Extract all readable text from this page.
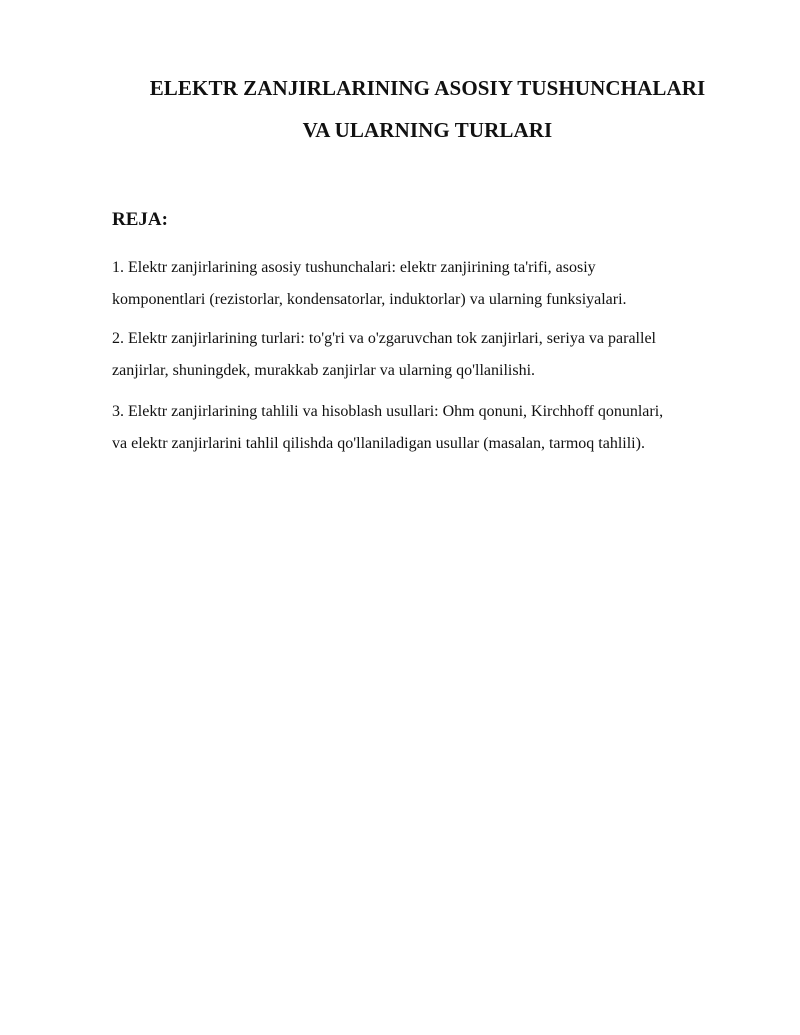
ELEKTR ZANJIRLARINING ASOSIY TUSHUNCHALARI
VA ULARNING TURLARI
REJA:
1. Elektr zanjirlarining asosiy tushunchalari: elektr zanjirining ta'rifi, asosiy
komponentlari (rezistorlar, kondensatorlar, induktorlar) va ularning funksiyalari.
2. Elektr zanjirlarining turlari: to'g'ri va o'zgaruvchan tok zanjirlari, seriya va parallel
zanjirlar, shuningdek, murakkab zanjirlar va ularning qo'llanilishi.
3. Elektr zanjirlarining tahlili va hisoblash usullari: Ohm qonuni, Kirchhoff qonunlari,
va elektr zanjirlarini tahlil qilishda qo'llaniladigan usullar (masalan, tarmoq tahlili).
